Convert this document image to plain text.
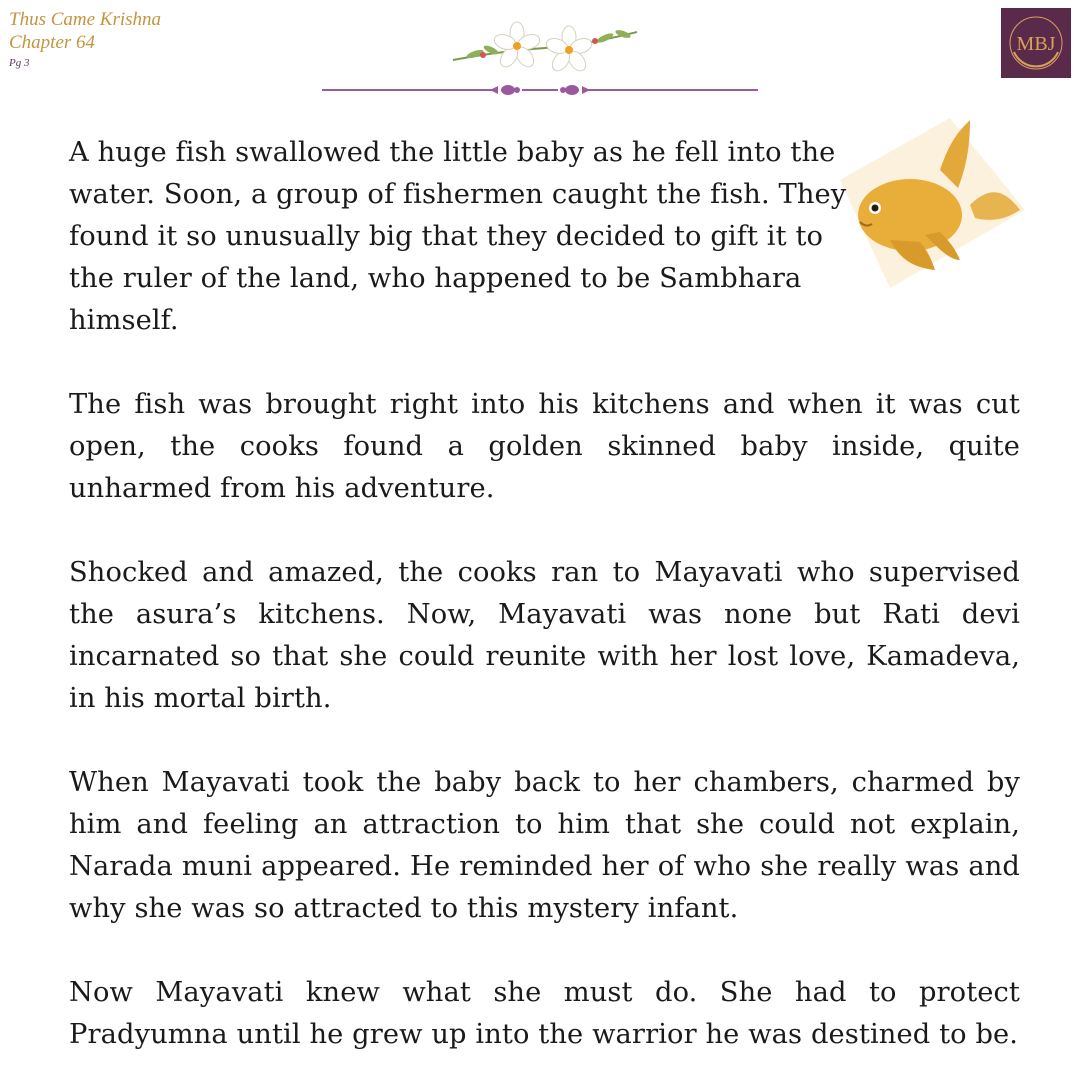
Thus Came Krishna
Chapter 64
Pg 3
MBJ

A huge fish swallowed the little baby as he fell into the water. Soon, a group of fishermen caught the fish. They found it so unusually big that they decided to gift it to the ruler of the land, who happened to be Sambhara himself.

The fish was brought right into his kitchens and when it was cut open, the cooks found a golden skinned baby inside, quite unharmed from his adventure.

Shocked and amazed, the cooks ran to Mayavati who supervised the asura’s kitchens. Now, Mayavati was none but Rati devi incarnated so that she could reunite with her lost love, Kamadeva, in his mortal birth.

When Mayavati took the baby back to her chambers, charmed by him and feeling an attraction to him that she could not explain, Narada muni appeared. He reminded her of who she really was and why she was so attracted to this mystery infant.

Now Mayavati knew what she must do. She had to protect Pradyumna until he grew up into the warrior he was destined to be.
